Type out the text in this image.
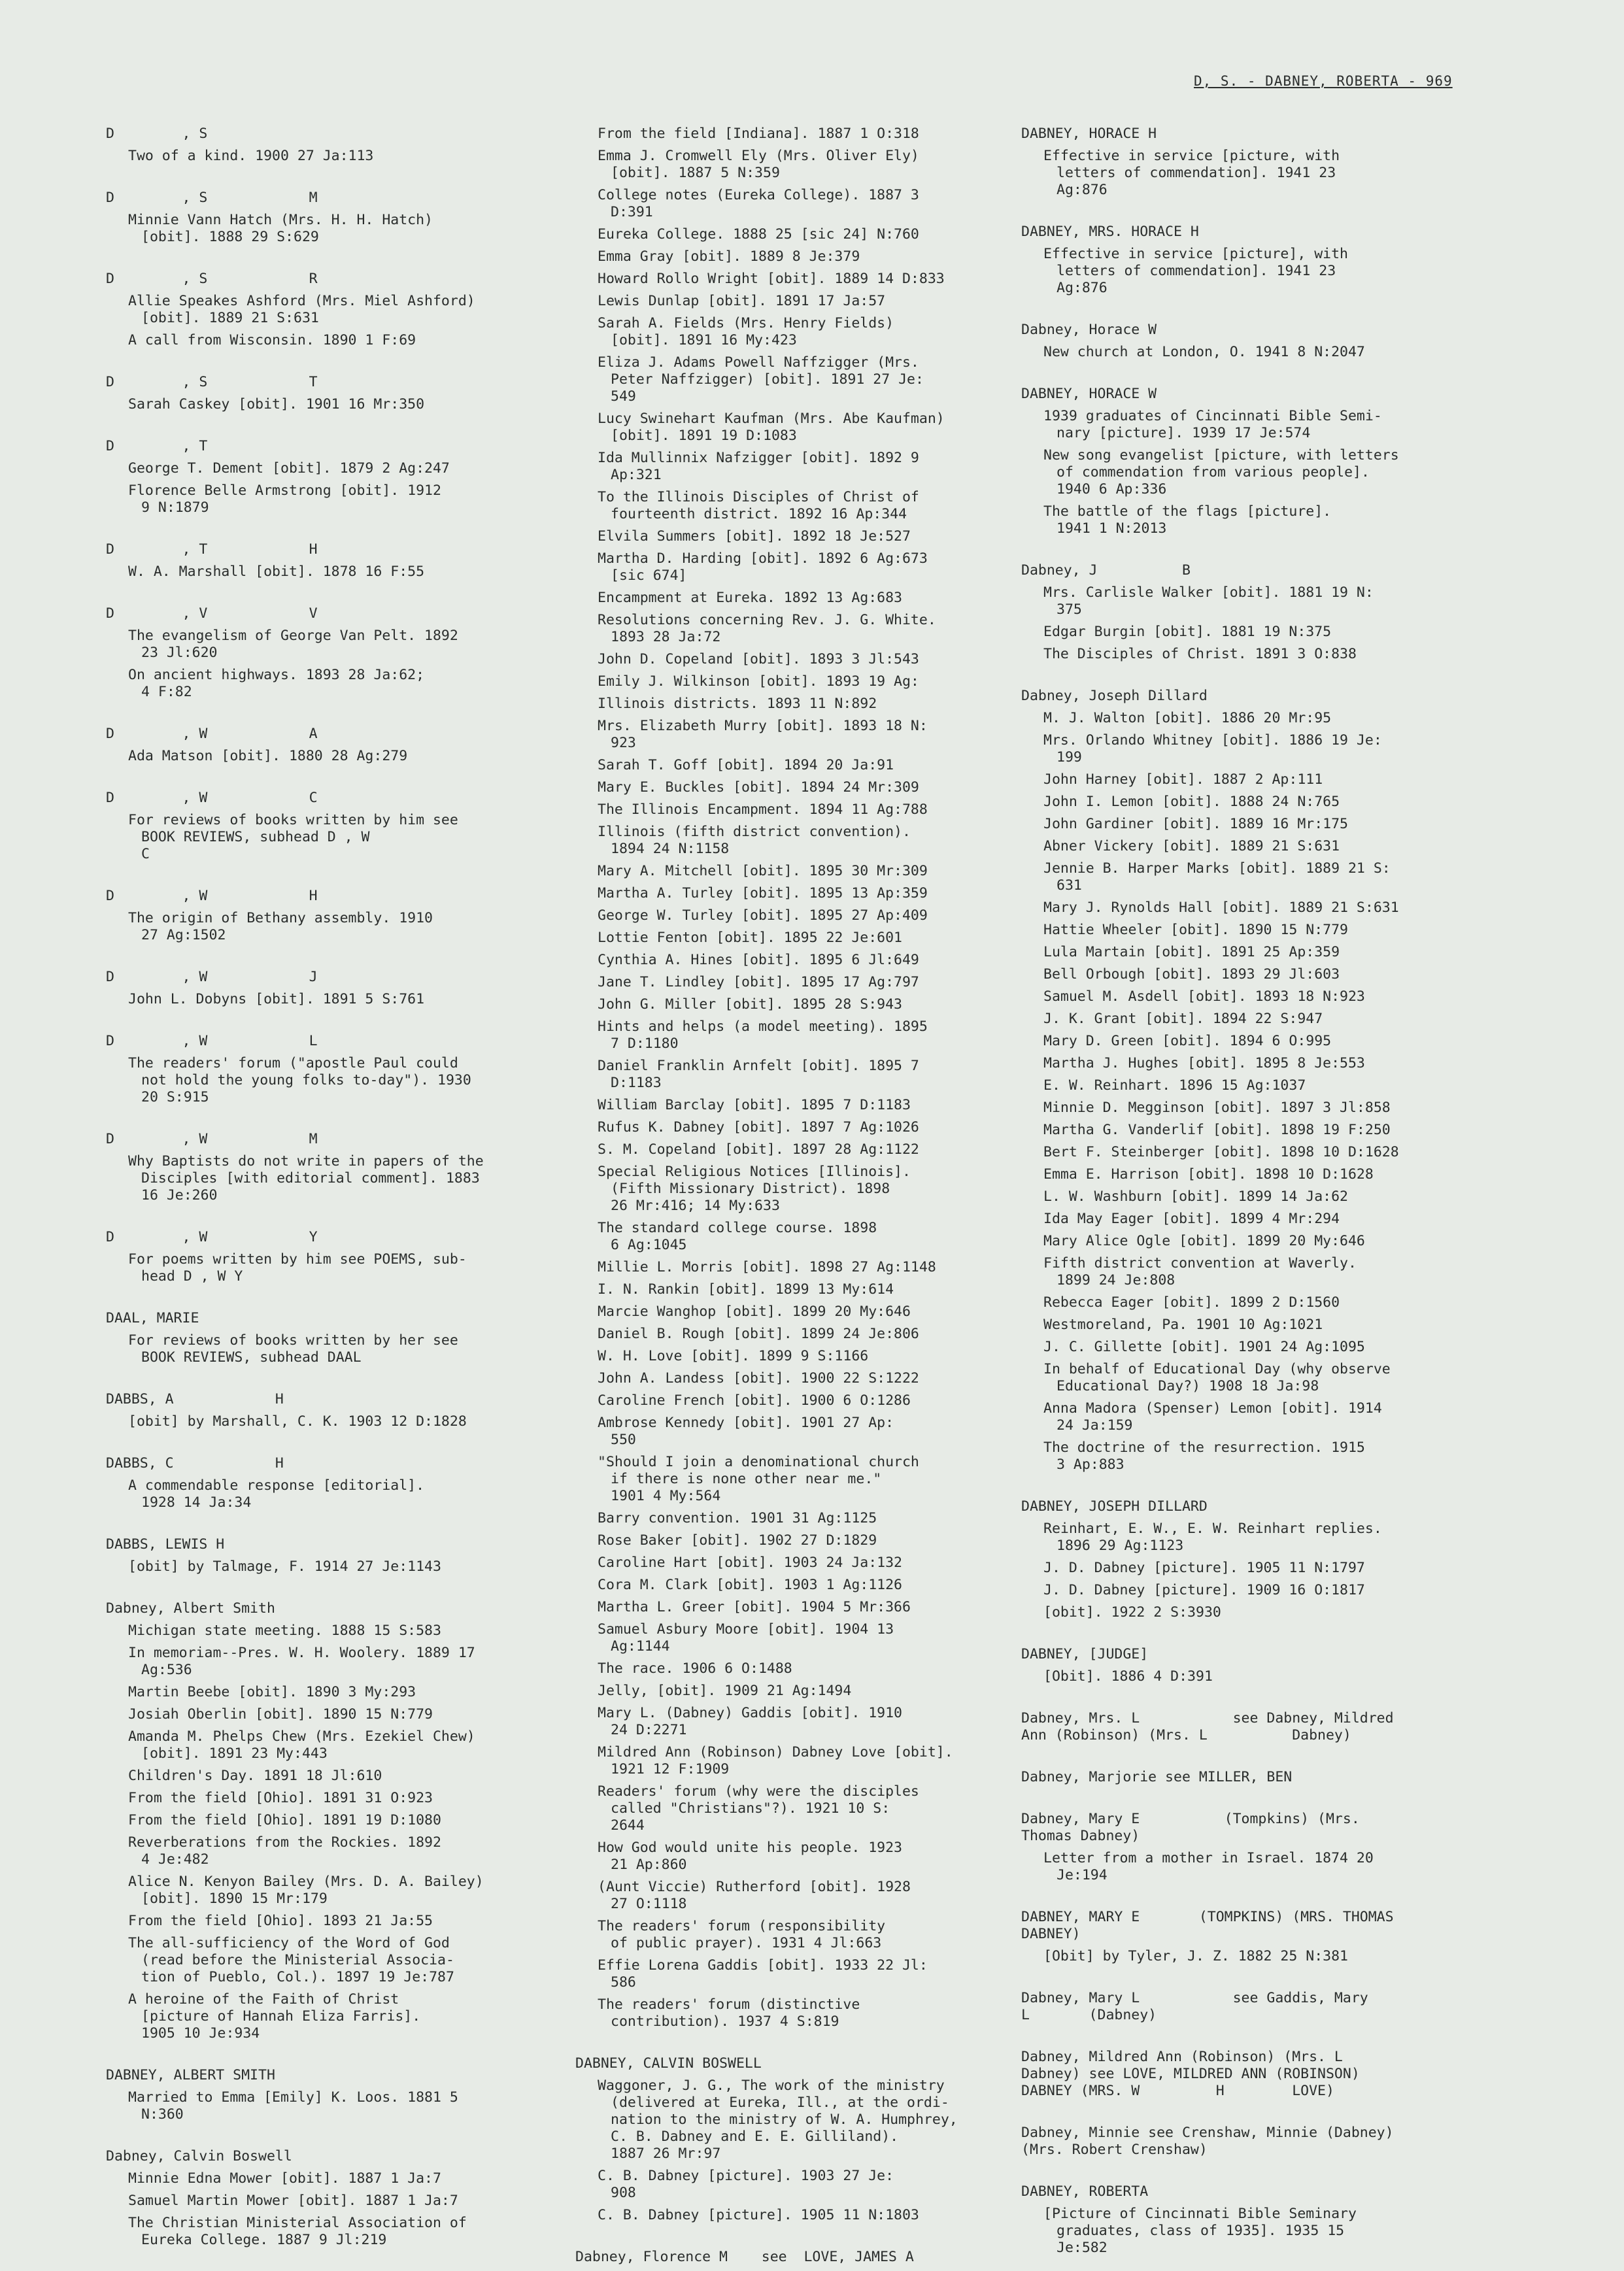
D, S. - DABNEY, ROBERTA - 969
D        , S
Two of a kind. 1900 27 Ja:113
D        , S            M
Minnie Vann Hatch (Mrs. H. H. Hatch)
[obit]. 1888 29 S:629
D        , S            R
Allie Speakes Ashford (Mrs. Miel Ashford)
[obit]. 1889 21 S:631
A call from Wisconsin. 1890 1 F:69
D        , S            T
Sarah Caskey [obit]. 1901 16 Mr:350
D        , T
George T. Dement [obit]. 1879 2 Ag:247
Florence Belle Armstrong [obit]. 1912
9 N:1879
D        , T            H
W. A. Marshall [obit]. 1878 16 F:55
D        , V            V
The evangelism of George Van Pelt. 1892
23 Jl:620
On ancient highways. 1893 28 Ja:62;
4 F:82
D        , W            A
Ada Matson [obit]. 1880 28 Ag:279
D        , W            C
For reviews of books written by him see
BOOK REVIEWS, subhead D , W
C
D        , W            H
The origin of Bethany assembly. 1910
27 Ag:1502
D        , W            J
John L. Dobyns [obit]. 1891 5 S:761
D        , W            L
The readers' forum ("apostle Paul could
not hold the young folks to-day"). 1930
20 S:915
D        , W            M
Why Baptists do not write in papers of the
Disciples [with editorial comment]. 1883
16 Je:260
D        , W            Y
For poems written by him see POEMS, sub-
head D , W Y
DAAL, MARIE
For reviews of books written by her see
BOOK REVIEWS, subhead DAAL
DABBS, A            H
[obit] by Marshall, C. K. 1903 12 D:1828
DABBS, C            H
A commendable response [editorial].
1928 14 Ja:34
DABBS, LEWIS H
[obit] by Talmage, F. 1914 27 Je:1143
Dabney, Albert Smith
Michigan state meeting. 1888 15 S:583
In memoriam--Pres. W. H. Woolery. 1889 17
Ag:536
Martin Beebe [obit]. 1890 3 My:293
Josiah Oberlin [obit]. 1890 15 N:779
Amanda M. Phelps Chew (Mrs. Ezekiel Chew)
[obit]. 1891 23 My:443
Children's Day. 1891 18 Jl:610
From the field [Ohio]. 1891 31 O:923
From the field [Ohio]. 1891 19 D:1080
Reverberations from the Rockies. 1892
4 Je:482
Alice N. Kenyon Bailey (Mrs. D. A. Bailey)
[obit]. 1890 15 Mr:179
From the field [Ohio]. 1893 21 Ja:55
The all-sufficiency of the Word of God
(read before the Ministerial Associa-
tion of Pueblo, Col.). 1897 19 Je:787
A heroine of the Faith of Christ
[picture of Hannah Eliza Farris].
1905 10 Je:934
DABNEY, ALBERT SMITH
Married to Emma [Emily] K. Loos. 1881 5
N:360
Dabney, Calvin Boswell
Minnie Edna Mower [obit]. 1887 1 Ja:7
Samuel Martin Mower [obit]. 1887 1 Ja:7
The Christian Ministerial Association of
Eureka College. 1887 9 Jl:219
From the field [Indiana]. 1887 1 O:318
Emma J. Cromwell Ely (Mrs. Oliver Ely)
[obit]. 1887 5 N:359
College notes (Eureka College). 1887 3
D:391
Eureka College. 1888 25 [sic 24] N:760
Emma Gray [obit]. 1889 8 Je:379
Howard Rollo Wright [obit]. 1889 14 D:833
Lewis Dunlap [obit]. 1891 17 Ja:57
Sarah A. Fields (Mrs. Henry Fields)
[obit]. 1891 16 My:423
Eliza J. Adams Powell Naffzigger (Mrs.
Peter Naffzigger) [obit]. 1891 27 Je:
549
Lucy Swinehart Kaufman (Mrs. Abe Kaufman)
[obit]. 1891 19 D:1083
Ida Mullinnix Nafzigger [obit]. 1892 9
Ap:321
To the Illinois Disciples of Christ of
fourteenth district. 1892 16 Ap:344
Elvila Summers [obit]. 1892 18 Je:527
Martha D. Harding [obit]. 1892 6 Ag:673
[sic 674]
Encampment at Eureka. 1892 13 Ag:683
Resolutions concerning Rev. J. G. White.
1893 28 Ja:72
John D. Copeland [obit]. 1893 3 Jl:543
Emily J. Wilkinson [obit]. 1893 19 Ag:
Illinois districts. 1893 11 N:892
Mrs. Elizabeth Murry [obit]. 1893 18 N:
923
Sarah T. Goff [obit]. 1894 20 Ja:91
Mary E. Buckles [obit]. 1894 24 Mr:309
The Illinois Encampment. 1894 11 Ag:788
Illinois (fifth district convention).
1894 24 N:1158
Mary A. Mitchell [obit]. 1895 30 Mr:309
Martha A. Turley [obit]. 1895 13 Ap:359
George W. Turley [obit]. 1895 27 Ap:409
Lottie Fenton [obit]. 1895 22 Je:601
Cynthia A. Hines [obit]. 1895 6 Jl:649
Jane T. Lindley [obit]. 1895 17 Ag:797
John G. Miller [obit]. 1895 28 S:943
Hints and helps (a model meeting). 1895
7 D:1180
Daniel Franklin Arnfelt [obit]. 1895 7
D:1183
William Barclay [obit]. 1895 7 D:1183
Rufus K. Dabney [obit]. 1897 7 Ag:1026
S. M. Copeland [obit]. 1897 28 Ag:1122
Special Religious Notices [Illinois].
(Fifth Missionary District). 1898
26 Mr:416; 14 My:633
The standard college course. 1898
6 Ag:1045
Millie L. Morris [obit]. 1898 27 Ag:1148
I. N. Rankin [obit]. 1899 13 My:614
Marcie Wanghop [obit]. 1899 20 My:646
Daniel B. Rough [obit]. 1899 24 Je:806
W. H. Love [obit]. 1899 9 S:1166
John A. Landess [obit]. 1900 22 S:1222
Caroline French [obit]. 1900 6 O:1286
Ambrose Kennedy [obit]. 1901 27 Ap:
550
"Should I join a denominational church
if there is none other near me."
1901 4 My:564
Barry convention. 1901 31 Ag:1125
Rose Baker [obit]. 1902 27 D:1829
Caroline Hart [obit]. 1903 24 Ja:132
Cora M. Clark [obit]. 1903 1 Ag:1126
Martha L. Greer [obit]. 1904 5 Mr:366
Samuel Asbury Moore [obit]. 1904 13
Ag:1144
The race. 1906 6 O:1488
Jelly, [obit]. 1909 21 Ag:1494
Mary L. (Dabney) Gaddis [obit]. 1910
24 D:2271
Mildred Ann (Robinson) Dabney Love [obit].
1921 12 F:1909
Readers' forum (why were the disciples
called "Christians"?). 1921 10 S:
2644
How God would unite his people. 1923
21 Ap:860
(Aunt Viccie) Rutherford [obit]. 1928
27 O:1118
The readers' forum (responsibility
of public prayer). 1931 4 Jl:663
Effie Lorena Gaddis [obit]. 1933 22 Jl:
586
The readers' forum (distinctive
contribution). 1937 4 S:819
DABNEY, CALVIN BOSWELL
Waggoner, J. G., The work of the ministry
(delivered at Eureka, Ill., at the ordi-
nation to the ministry of W. A. Humphrey,
C. B. Dabney and E. E. Gilliland).
1887 26 Mr:97
C. B. Dabney [picture]. 1903 27 Je:
908
C. B. Dabney [picture]. 1905 11 N:1803
Dabney, Florence M    see  LOVE, JAMES A
DABNEY, HORACE H
Effective in service [picture, with
letters of commendation]. 1941 23
Ag:876
DABNEY, MRS. HORACE H
Effective in service [picture], with
letters of commendation]. 1941 23
Ag:876
Dabney, Horace W
New church at London, O. 1941 8 N:2047
DABNEY, HORACE W
1939 graduates of Cincinnati Bible Semi-
nary [picture]. 1939 17 Je:574
New song evangelist [picture, with letters
of commendation from various people].
1940 6 Ap:336
The battle of the flags [picture].
1941 1 N:2013
Dabney, J          B
Mrs. Carlisle Walker [obit]. 1881 19 N:
375
Edgar Burgin [obit]. 1881 19 N:375
The Disciples of Christ. 1891 3 O:838
Dabney, Joseph Dillard
M. J. Walton [obit]. 1886 20 Mr:95
Mrs. Orlando Whitney [obit]. 1886 19 Je:
199
John Harney [obit]. 1887 2 Ap:111
John I. Lemon [obit]. 1888 24 N:765
John Gardiner [obit]. 1889 16 Mr:175
Abner Vickery [obit]. 1889 21 S:631
Jennie B. Harper Marks [obit]. 1889 21 S:
631
Mary J. Rynolds Hall [obit]. 1889 21 S:631
Hattie Wheeler [obit]. 1890 15 N:779
Lula Martain [obit]. 1891 25 Ap:359
Bell Orbough [obit]. 1893 29 Jl:603
Samuel M. Asdell [obit]. 1893 18 N:923
J. K. Grant [obit]. 1894 22 S:947
Mary D. Green [obit]. 1894 6 O:995
Martha J. Hughes [obit]. 1895 8 Je:553
E. W. Reinhart. 1896 15 Ag:1037
Minnie D. Megginson [obit]. 1897 3 Jl:858
Martha G. Vanderlif [obit]. 1898 19 F:250
Bert F. Steinberger [obit]. 1898 10 D:1628
Emma E. Harrison [obit]. 1898 10 D:1628
L. W. Washburn [obit]. 1899 14 Ja:62
Ida May Eager [obit]. 1899 4 Mr:294
Mary Alice Ogle [obit]. 1899 20 My:646
Fifth district convention at Waverly.
1899 24 Je:808
Rebecca Eager [obit]. 1899 2 D:1560
Westmoreland, Pa. 1901 10 Ag:1021
J. C. Gillette [obit]. 1901 24 Ag:1095
In behalf of Educational Day (why observe
Educational Day?) 1908 18 Ja:98
Anna Madora (Spenser) Lemon [obit]. 1914
24 Ja:159
The doctrine of the resurrection. 1915
3 Ap:883
DABNEY, JOSEPH DILLARD
Reinhart, E. W., E. W. Reinhart replies.
1896 29 Ag:1123
J. D. Dabney [picture]. 1905 11 N:1797
J. D. Dabney [picture]. 1909 16 O:1817
[obit]. 1922 2 S:3930
DABNEY, [JUDGE]
[Obit]. 1886 4 D:391
Dabney, Mrs. L           see Dabney, Mildred
Ann (Robinson) (Mrs. L          Dabney)
Dabney, Marjorie see MILLER, BEN
Dabney, Mary E          (Tompkins) (Mrs.
Thomas Dabney)
Letter from a mother in Israel. 1874 20
Je:194
DABNEY, MARY E       (TOMPKINS) (MRS. THOMAS
DABNEY)
[Obit] by Tyler, J. Z. 1882 25 N:381
Dabney, Mary L           see Gaddis, Mary
L       (Dabney)
Dabney, Mildred Ann (Robinson) (Mrs. L
Dabney) see LOVE, MILDRED ANN (ROBINSON)
DABNEY (MRS. W         H        LOVE)
Dabney, Minnie see Crenshaw, Minnie (Dabney)
(Mrs. Robert Crenshaw)
DABNEY, ROBERTA
[Picture of Cincinnati Bible Seminary
graduates, class of 1935]. 1935 15
Je:582
